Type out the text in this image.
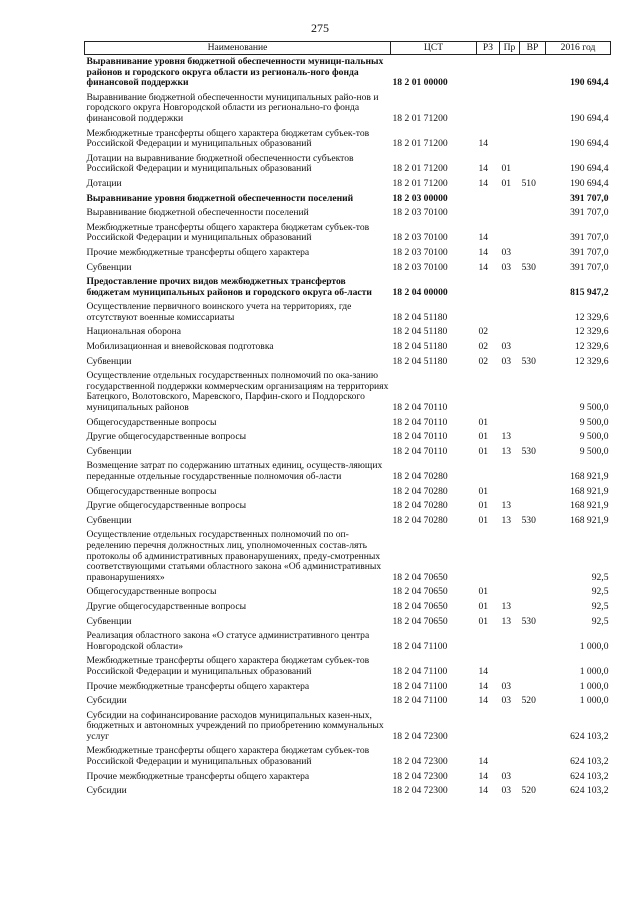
275
Наименование	ЦСТ	РЗ	Пр	ВР	2016 год
Выравнивание уровня бюджетной обеспеченности муници-пальных районов и городского округа области из региональ-ного фонда финансовой поддержки	18 2 01 00000				190 694,4
Выравнивание бюджетной обеспеченности муниципальных райо-нов и городского округа Новгородской области из регионально-го фонда финансовой поддержки	18 2 01 71200				190 694,4
Межбюджетные трансферты общего характера бюджетам субъек-тов Российской Федерации и муниципальных образований	18 2 01 71200	14			190 694,4
Дотации на выравнивание бюджетной обеспеченности субъектов Российской Федерации и муниципальных образований	18 2 01 71200	14	01		190 694,4
Дотации	18 2 01 71200	14	01	510	190 694,4
Выравнивание уровня бюджетной обеспеченности поселений	18 2 03 00000				391 707,0
Выравнивание бюджетной обеспеченности поселений	18 2 03 70100				391 707,0
Межбюджетные трансферты общего характера бюджетам субъек-тов Российской Федерации и муниципальных образований	18 2 03 70100	14			391 707,0
Прочие межбюджетные трансферты общего характера	18 2 03 70100	14	03		391 707,0
Субвенции	18 2 03 70100	14	03	530	391 707,0
Предоставление прочих видов межбюджетных трансфертов бюджетам муниципальных районов и городского округа об-ласти	18 2 04 00000				815 947,2
Осуществление первичного воинского учета на территориях, где отсутствуют военные комиссариаты	18 2 04 51180				12 329,6
Национальная оборона	18 2 04 51180	02			12 329,6
Мобилизационная и вневойсковая подготовка	18 2 04 51180	02	03		12 329,6
Субвенции	18 2 04 51180	02	03	530	12 329,6
Осуществление отдельных государственных полномочий по ока-занию государственной поддержки коммерческим организациям на территориях Батецкого, Волотовского, Маревского, Парфин-ского и Поддорского муниципальных районов	18 2 04 70110				9 500,0
Общегосударственные вопросы	18 2 04 70110	01			9 500,0
Другие общегосударственные вопросы	18 2 04 70110	01	13		9 500,0
Субвенции	18 2 04 70110	01	13	530	9 500,0
Возмещение затрат по содержанию штатных единиц, осуществ-ляющих переданные отдельные государственные полномочия об-ласти	18 2 04 70280				168 921,9
Общегосударственные вопросы	18 2 04 70280	01			168 921,9
Другие общегосударственные вопросы	18 2 04 70280	01	13		168 921,9
Субвенции	18 2 04 70280	01	13	530	168 921,9
Осуществление отдельных государственных полномочий по оп-ределению перечня должностных лиц, уполномоченных состав-лять протоколы об административных правонарушениях, преду-смотренных соответствующими статьями областного закона «Об административных правонарушениях»	18 2 04 70650				92,5
Общегосударственные вопросы	18 2 04 70650	01			92,5
Другие общегосударственные вопросы	18 2 04 70650	01	13		92,5
Субвенции	18 2 04 70650	01	13	530	92,5
Реализация областного закона «О статусе административного центра Новгородской области»	18 2 04 71100				1 000,0
Межбюджетные трансферты общего характера бюджетам субъек-тов Российской Федерации и муниципальных образований	18 2 04 71100	14			1 000,0
Прочие межбюджетные трансферты общего характера	18 2 04 71100	14	03		1 000,0
Субсидии	18 2 04 71100	14	03	520	1 000,0
Субсидии на софинансирование расходов муниципальных казен-ных, бюджетных и автономных учреждений по приобретению коммунальных услуг	18 2 04 72300				624 103,2
Межбюджетные трансферты общего характера бюджетам субъек-тов Российской Федерации и муниципальных образований	18 2 04 72300	14			624 103,2
Прочие межбюджетные трансферты общего характера	18 2 04 72300	14	03		624 103,2
Субсидии	18 2 04 72300	14	03	520	624 103,2
